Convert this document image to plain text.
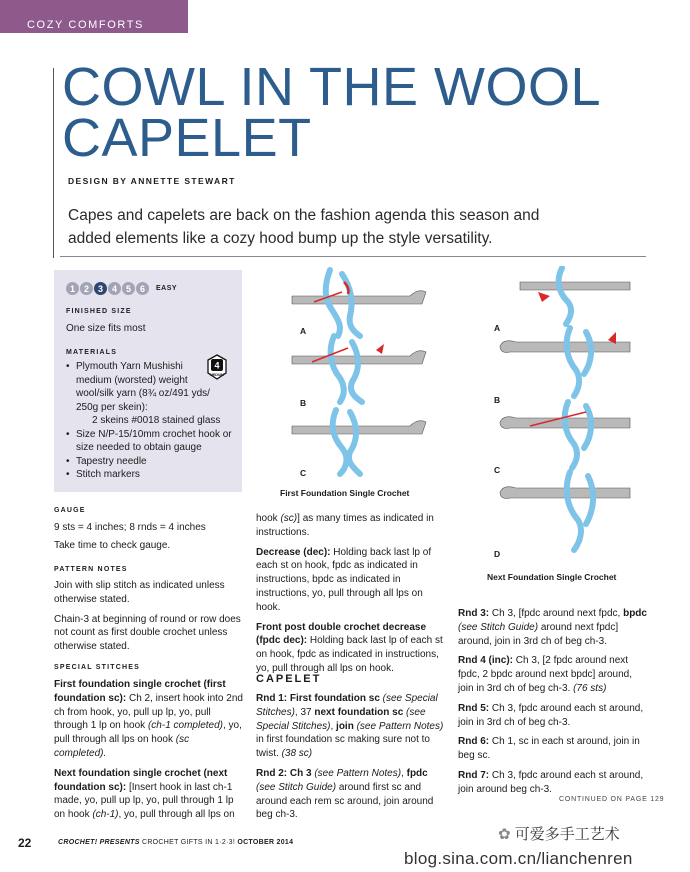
COZY COMFORTS
COWL IN THE WOOL
CAPELET
DESIGN BY ANNETTE STEWART
Capes and capelets are back on the fashion agenda this season and added elements like a cozy hood bump up the style versatility.
1 2 3 4 5 6	EASY
FINISHED SIZE
One size fits most
MATERIALS
• Plymouth Yarn Mushishi
medium (worsted) weight
wool/silk yarn (8¾ oz/491 yds/
250g per skein):
2 skeins #0018 stained glass
• Size N/P-15/10mm crochet hook or
size needed to obtain gauge
• Tapestry needle
• Stitch markers
4
MEDIUM
GAUGE
9 sts = 4 inches; 8 rnds = 4 inches
Take time to check gauge.
PATTERN NOTES

Join with slip stitch as indicated unless otherwise stated.

Chain-3 at beginning of round or row does not count as first double crochet unless otherwise stated.

SPECIAL STITCHES

First foundation single crochet (first foundation sc): Ch 2, insert hook into 2nd ch from hook, yo, pull up lp, yo, pull through 1 lp on hook (ch-1 completed), yo, pull through all lps on hook (sc completed).

Next foundation single crochet (next foundation sc): [Insert hook in last ch-1 made, yo, pull up lp, yo, pull through 1 lp on hook (ch-1), yo, pull through all lps on

A
B
C
First Foundation Single Crochet
A
B
C
D
Next Foundation Single Crochet

hook (sc)] as many times as indicated in instructions.

Decrease (dec): Holding back last lp of each st on hook, fpdc as indicated in instructions, bpdc as indicated in instructions, yo, pull through all lps on hook.

Front post double crochet decrease (fpdc dec): Holding back last lp of each st on hook, fpdc as indicated in instructions, yo, pull through all lps on hook.

CAPELET

Rnd 1: First foundation sc (see Special Stitches), 37 next foundation sc (see Special Stitches), join (see Pattern Notes) in first foundation sc making sure not to twist. (38 sc)

Rnd 2: Ch 3 (see Pattern Notes), fpdc (see Stitch Guide) around first sc and around each rem sc around, join around beg ch-3.

Rnd 3: Ch 3, [fpdc around next fpdc, bpdc (see Stitch Guide) around next fpdc] around, join in 3rd ch of beg ch-3.

Rnd 4 (inc): Ch 3, [2 fpdc around next fpdc, 2 bpdc around next bpdc] around, join in 3rd ch of beg ch-3. (76 sts)

Rnd 5: Ch 3, fpdc around each st around, join in 3rd ch of beg ch-3.

Rnd 6: Ch 1, sc in each st around, join in beg sc.

Rnd 7: Ch 3, fpdc around each st around, join around beg ch-3.

CONTINUED ON PAGE 129
22	CROCHET! PRESENTS CROCHET GIFTS IN 1·2·3! OCTOBER 2014	✿ 可爱多手工艺术
blog.sina.com.cn/lianchenren
